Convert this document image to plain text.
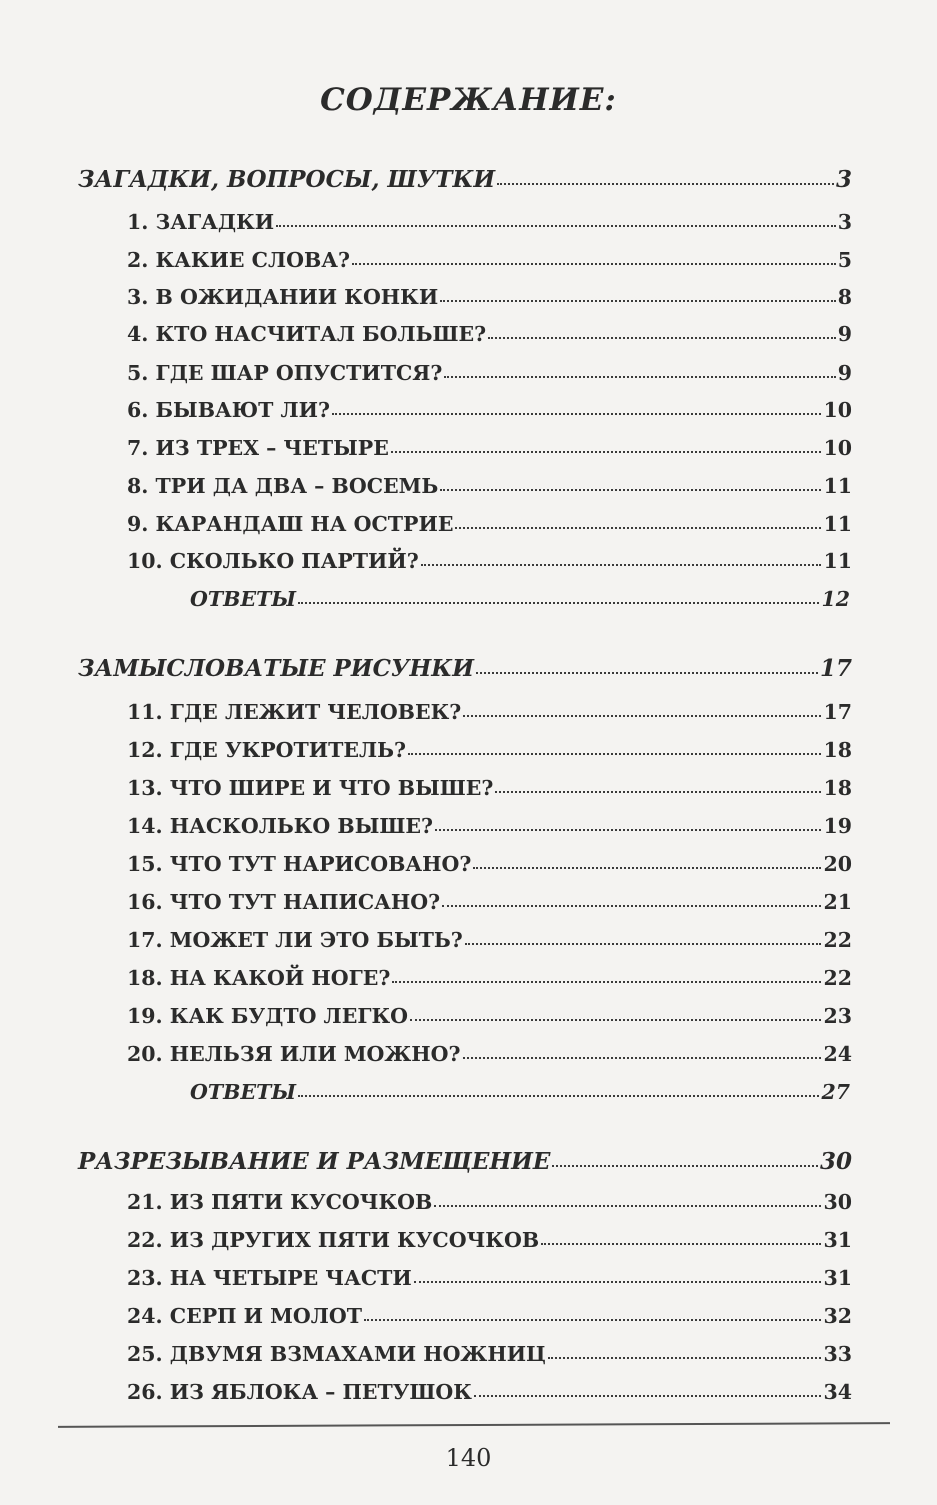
СОДЕРЖАНИЕ:
ЗАГАДКИ, ВОПРОСЫ, ШУТКИ	3
1. ЗАГАДКИ	3
2. КАКИЕ СЛОВА?	5
3. В ОЖИДАНИИ КОНКИ	8
4. КТО НАСЧИТАЛ БОЛЬШЕ?	9
5. ГДЕ ШАР ОПУСТИТСЯ?	9
6. БЫВАЮТ ЛИ?	10
7. ИЗ ТРЕХ – ЧЕТЫРЕ	10
8. ТРИ ДА ДВА – ВОСЕМЬ	11
9. КАРАНДАШ НА ОСТРИЕ	11
10. СКОЛЬКО ПАРТИЙ?	11
ОТВЕТЫ	12
ЗАМЫСЛОВАТЫЕ РИСУНКИ	17
11. ГДЕ ЛЕЖИТ ЧЕЛОВЕК?	17
12. ГДЕ УКРОТИТЕЛЬ?	18
13. ЧТО ШИРЕ И ЧТО ВЫШЕ?	18
14. НАСКОЛЬКО ВЫШЕ?	19
15. ЧТО ТУТ НАРИСОВАНО?	20
16. ЧТО ТУТ НАПИСАНО?	21
17. МОЖЕТ ЛИ ЭТО БЫТЬ?	22
18. НА КАКОЙ НОГЕ?	22
19. КАК БУДТО ЛЕГКО	23
20. НЕЛЬЗЯ ИЛИ МОЖНО?	24
ОТВЕТЫ	27
РАЗРЕЗЫВАНИЕ И РАЗМЕЩЕНИЕ	30
21. ИЗ ПЯТИ КУСОЧКОВ	30
22. ИЗ ДРУГИХ ПЯТИ КУСОЧКОВ	31
23. НА ЧЕТЫРЕ ЧАСТИ	31
24. СЕРП И МОЛОТ	32
25. ДВУМЯ ВЗМАХАМИ НОЖНИЦ	33
26. ИЗ ЯБЛОКА – ПЕТУШОК	34
140
